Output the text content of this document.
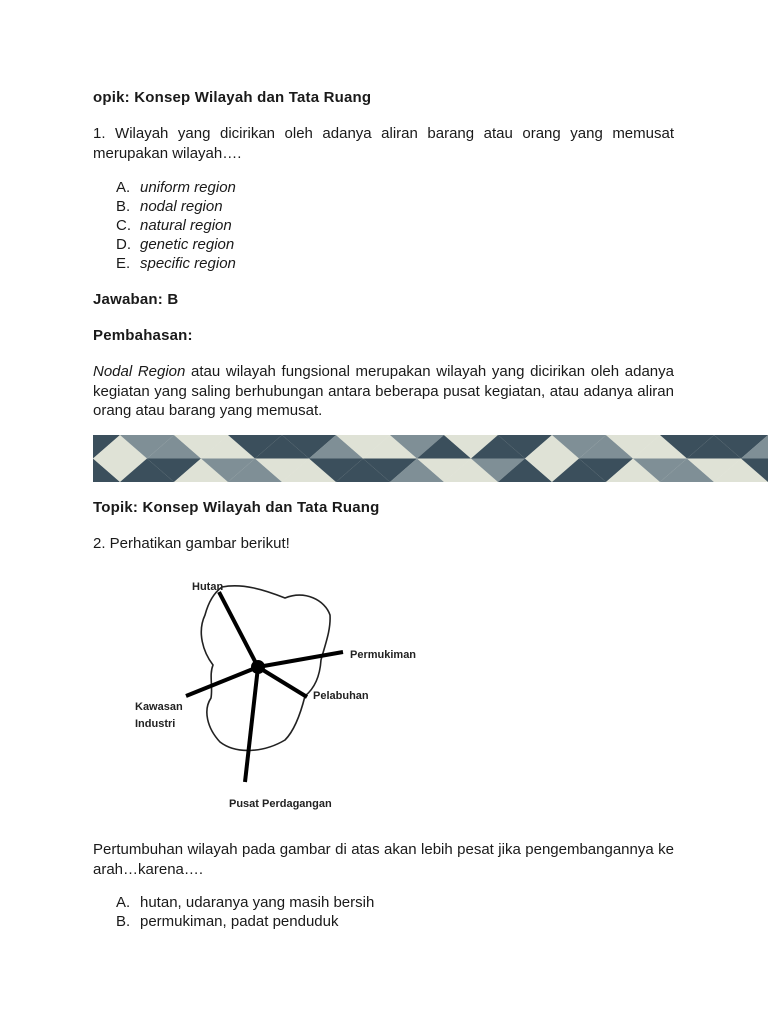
opik: Konsep Wilayah dan Tata Ruang
1. Wilayah yang dicirikan oleh adanya aliran barang atau orang yang memusat merupakan wilayah….
A. uniform region
B. nodal region
C. natural region
D. genetic region
E. specific region
Jawaban: B
Pembahasan:
Nodal Region atau wilayah fungsional merupakan wilayah yang dicirikan oleh adanya kegiatan yang saling berhubungan antara beberapa pusat kegiatan, atau adanya aliran orang atau barang yang memusat.
Topik: Konsep Wilayah dan Tata Ruang
2. Perhatikan gambar berikut!
Hutan
Permukiman
Pelabuhan
Kawasan
Industri
Pusat Perdagangan
Pertumbuhan wilayah pada gambar di atas akan lebih pesat jika pengembangannya ke arah…karena….
A. hutan, udaranya yang masih bersih
B. permukiman, padat penduduk
